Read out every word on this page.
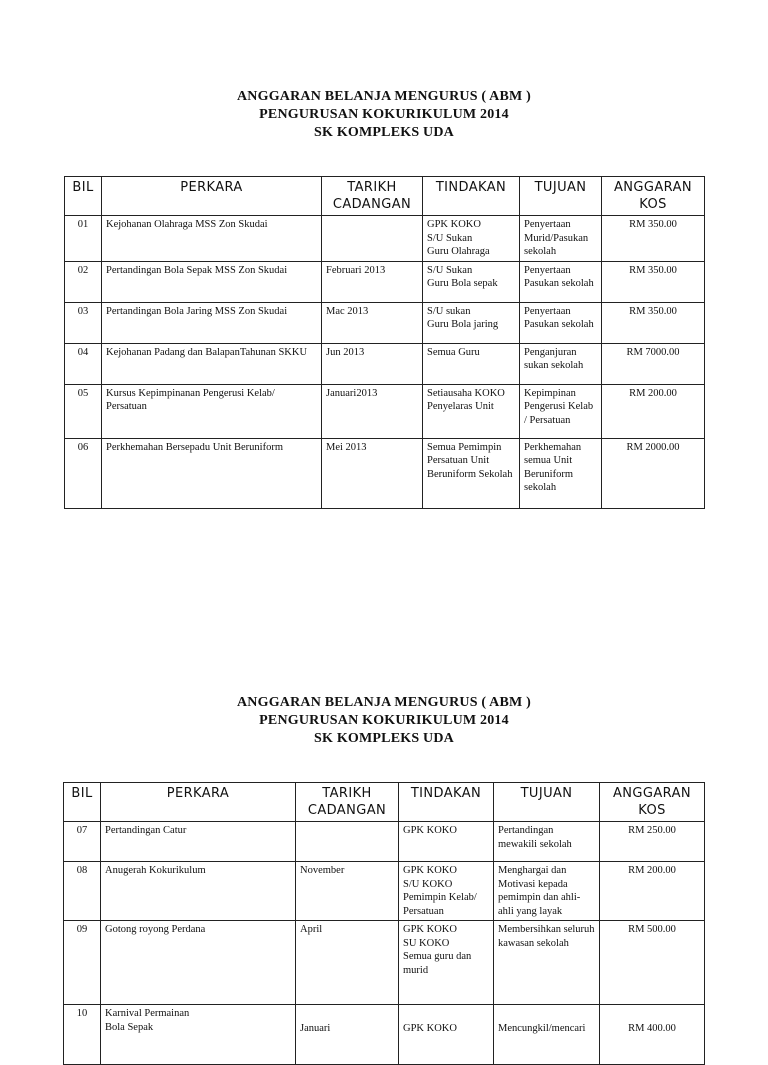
ANGGARAN BELANJA MENGURUS ( ABM )
PENGURUSAN KOKURIKULUM 2014
SK KOMPLEKS UDA
BIL	PERKARA	TARIKH CADANGAN	TINDAKAN	TUJUAN	ANGGARAN KOS
01	Kejohanan Olahraga MSS Zon Skudai		GPK KOKO
S/U Sukan
Guru Olahraga	Penyertaan Murid/Pasukan sekolah	RM 350.00
02	Pertandingan Bola Sepak MSS Zon Skudai	Februari 2013	S/U Sukan
Guru Bola sepak	Penyertaan Pasukan sekolah	RM 350.00
03	Pertandingan Bola Jaring MSS Zon Skudai	Mac 2013	S/U sukan
Guru Bola jaring	Penyertaan Pasukan sekolah	RM 350.00
04	Kejohanan Padang dan BalapanTahunan SKKU	Jun 2013	Semua Guru	Penganjuran sukan sekolah	RM 7000.00
05	Kursus Kepimpinanan Pengerusi Kelab/ Persatuan	Januari2013	Setiausaha KOKO
Penyelaras Unit	Kepimpinan Pengerusi Kelab / Persatuan	RM 200.00
06	Perkhemahan Bersepadu Unit Beruniform	Mei 2013	Semua Pemimpin Persatuan Unit Beruniform Sekolah	Perkhemahan semua Unit Beruniform sekolah	RM 2000.00
ANGGARAN BELANJA MENGURUS ( ABM )
PENGURUSAN KOKURIKULUM 2014
SK KOMPLEKS UDA
BIL	PERKARA	TARIKH CADANGAN	TINDAKAN	TUJUAN	ANGGARAN KOS
07	Pertandingan Catur		GPK KOKO	Pertandingan mewakili sekolah	RM 250.00
08	Anugerah Kokurikulum	November	GPK KOKO
S/U KOKO
Pemimpin Kelab/ Persatuan	Menghargai dan Motivasi kepada pemimpin dan ahli-ahli yang layak	RM 200.00
09	Gotong royong Perdana	April	GPK KOKO
SU KOKO
Semua guru dan murid	Membersihkan seluruh kawasan sekolah	RM 500.00
10	Karnival Permainan
Bola Sepak	Januari	GPK KOKO	Mencungkil/mencari	RM 400.00
